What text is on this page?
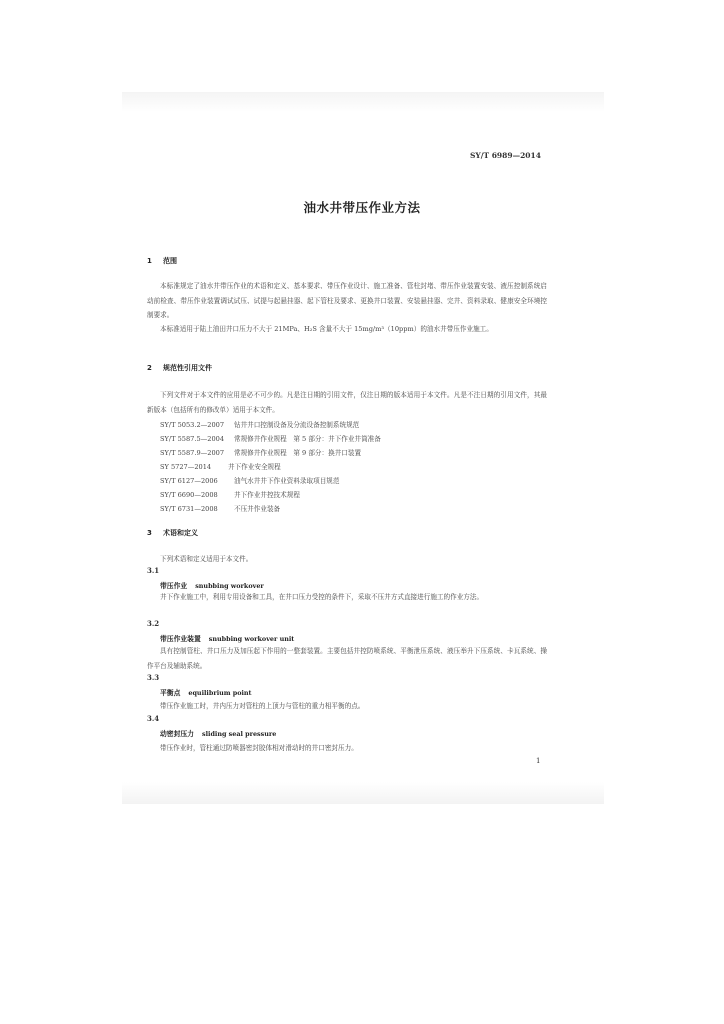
SY/T 6989—2014
油水井带压作业方法
1 范围
本标准规定了油水井带压作业的术语和定义、基本要求、带压作业设计、施工准备、管柱封堵、带压作业装置安装、液压控制系统启动前检查、带压作业装置调试试压、试提与起悬挂器、起下管柱及要求、更换井口装置、安装悬挂器、完井、资料录取、健康安全环境控制要求。
本标准适用于陆上油田井口压力不大于 21MPa、H₂S 含量不大于 15mg/m³（10ppm）的油水井带压作业施工。
2 规范性引用文件
下列文件对于本文件的应用是必不可少的。凡是注日期的引用文件，仅注日期的版本适用于本文件。凡是不注日期的引用文件，其最新版本（包括所有的修改单）适用于本文件。
SY/T 5053.2—2007 钻井井口控制设备及分流设备控制系统规范
SY/T 5587.5—2004 常规修井作业规程　第 5 部分：井下作业井筒准备
SY/T 5587.9—2007 常规修井作业规程　第 9 部分：换井口装置
SY 5727—2014	井下作业安全规程
SY/T 6127—2006 油气水井井下作业资料录取项目规范
SY/T 6690—2008 井下作业井控技术规程
SY/T 6731—2008 不压井作业装备
3 术语和定义
下列术语和定义适用于本文件。
3.1
带压作业 snubbing workover
井下作业施工中，利用专用设备和工具，在井口压力受控的条件下，采取不压井方式直接进行施工的作业方法。
3.2
带压作业装置 snubbing workover unit
具有控制管柱、井口压力及加压起下作用的一整套装置。主要包括井控防喷系统、平衡泄压系统、液压举升下压系统、卡瓦系统、操作平台及辅助系统。
3.3
平衡点 equilibrium point
带压作业施工时，井内压力对管柱的上顶力与管柱的重力相平衡的点。
3.4
动密封压力 sliding seal pressure
带压作业时，管柱通过防喷器密封胶体相对滑动时的井口密封压力。
1
